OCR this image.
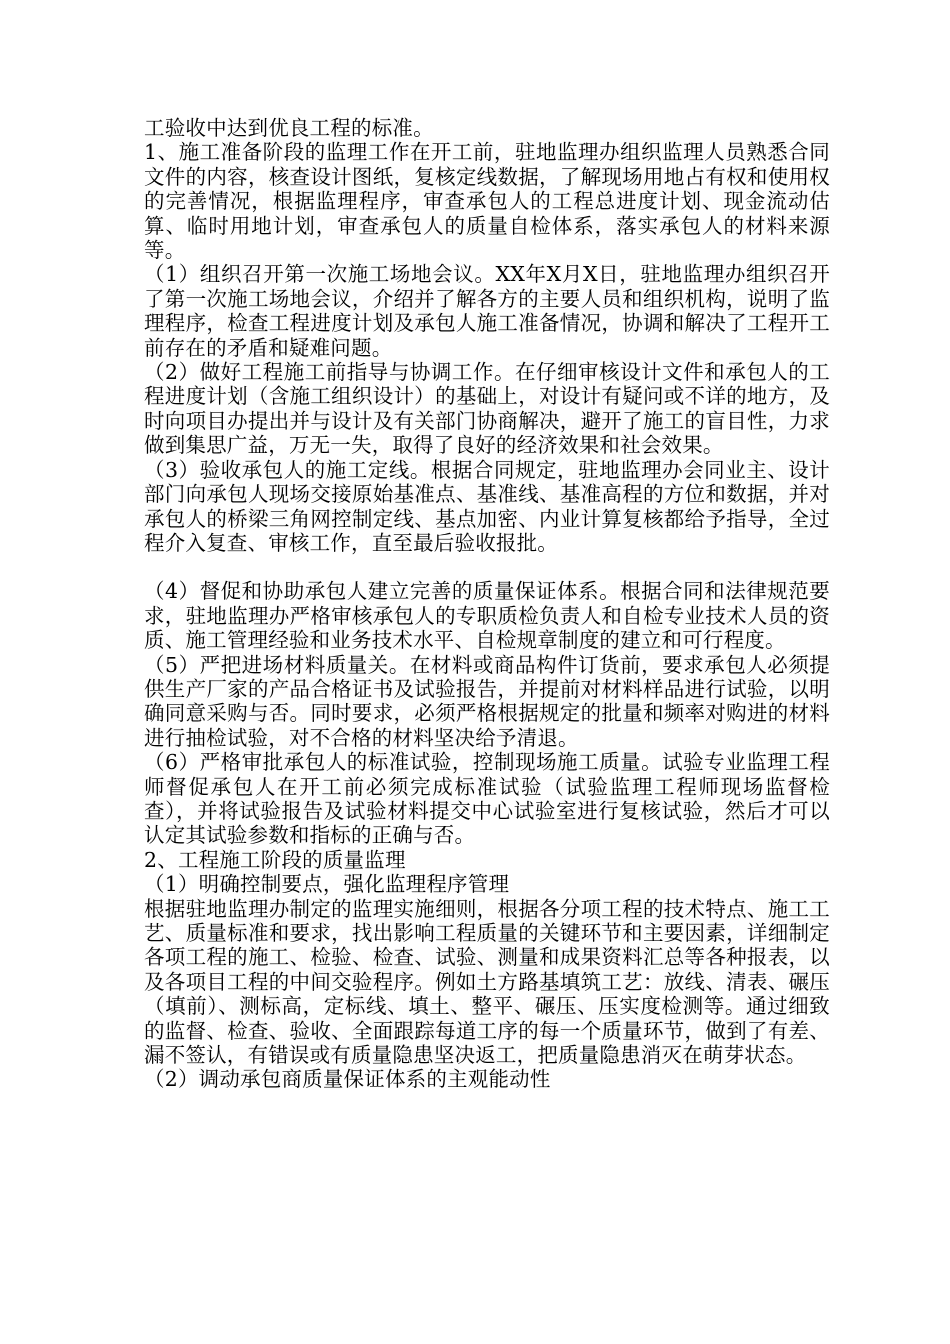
工验收中达到优良工程的标准。

1、施工准备阶段的监理工作在开工前，驻地监理办组织监理人员熟悉合同文件的内容，核查设计图纸，复核定线数据，了解现场用地占有权和使用权的完善情况，根据监理程序，审查承包人的工程总进度计划、现金流动估算、临时用地计划，审查承包人的质量自检体系，落实承包人的材料来源等。

（1）组织召开第一次施工场地会议。XX年X月X日，驻地监理办组织召开了第一次施工场地会议，介绍并了解各方的主要人员和组织机构，说明了监理程序，检查工程进度计划及承包人施工准备情况，协调和解决了工程开工前存在的矛盾和疑难问题。

（2）做好工程施工前指导与协调工作。在仔细审核设计文件和承包人的工程进度计划（含施工组织设计）的基础上，对设计有疑问或不详的地方，及时向项目办提出并与设计及有关部门协商解决，避开了施工的盲目性，力求做到集思广益，万无一失，取得了良好的经济效果和社会效果。

（3）验收承包人的施工定线。根据合同规定，驻地监理办会同业主、设计部门向承包人现场交接原始基准点、基准线、基准高程的方位和数据，并对承包人的桥梁三角网控制定线、基点加密、内业计算复核都给予指导，全过程介入复查、审核工作，直至最后验收报批。

（4）督促和协助承包人建立完善的质量保证体系。根据合同和法律规范要求，驻地监理办严格审核承包人的专职质检负责人和自检专业技术人员的资质、施工管理经验和业务技术水平、自检规章制度的建立和可行程度。

（5）严把进场材料质量关。在材料或商品构件订货前，要求承包人必须提供生产厂家的产品合格证书及试验报告，并提前对材料样品进行试验，以明确同意采购与否。同时要求，必须严格根据规定的批量和频率对购进的材料进行抽检试验，对不合格的材料坚决给予清退。

（6）严格审批承包人的标准试验，控制现场施工质量。试验专业监理工程师督促承包人在开工前必须完成标准试验（试验监理工程师现场监督检查），并将试验报告及试验材料提交中心试验室进行复核试验，然后才可以认定其试验参数和指标的正确与否。

2、工程施工阶段的质量监理

（1）明确控制要点，强化监理程序管理

根据驻地监理办制定的监理实施细则，根据各分项工程的技术特点、施工工艺、质量标准和要求，找出影响工程质量的关键环节和主要因素，详细制定各项工程的施工、检验、检查、试验、测量和成果资料汇总等各种报表，以及各项目工程的中间交验程序。例如土方路基填筑工艺：放线、清表、碾压（填前）、测标高，定标线、填土、整平、碾压、压实度检测等。通过细致的监督、检查、验收、全面跟踪每道工序的每一个质量环节，做到了有差、漏不签认，有错误或有质量隐患坚决返工，把质量隐患消灭在萌芽状态。

（2）调动承包商质量保证体系的主观能动性
